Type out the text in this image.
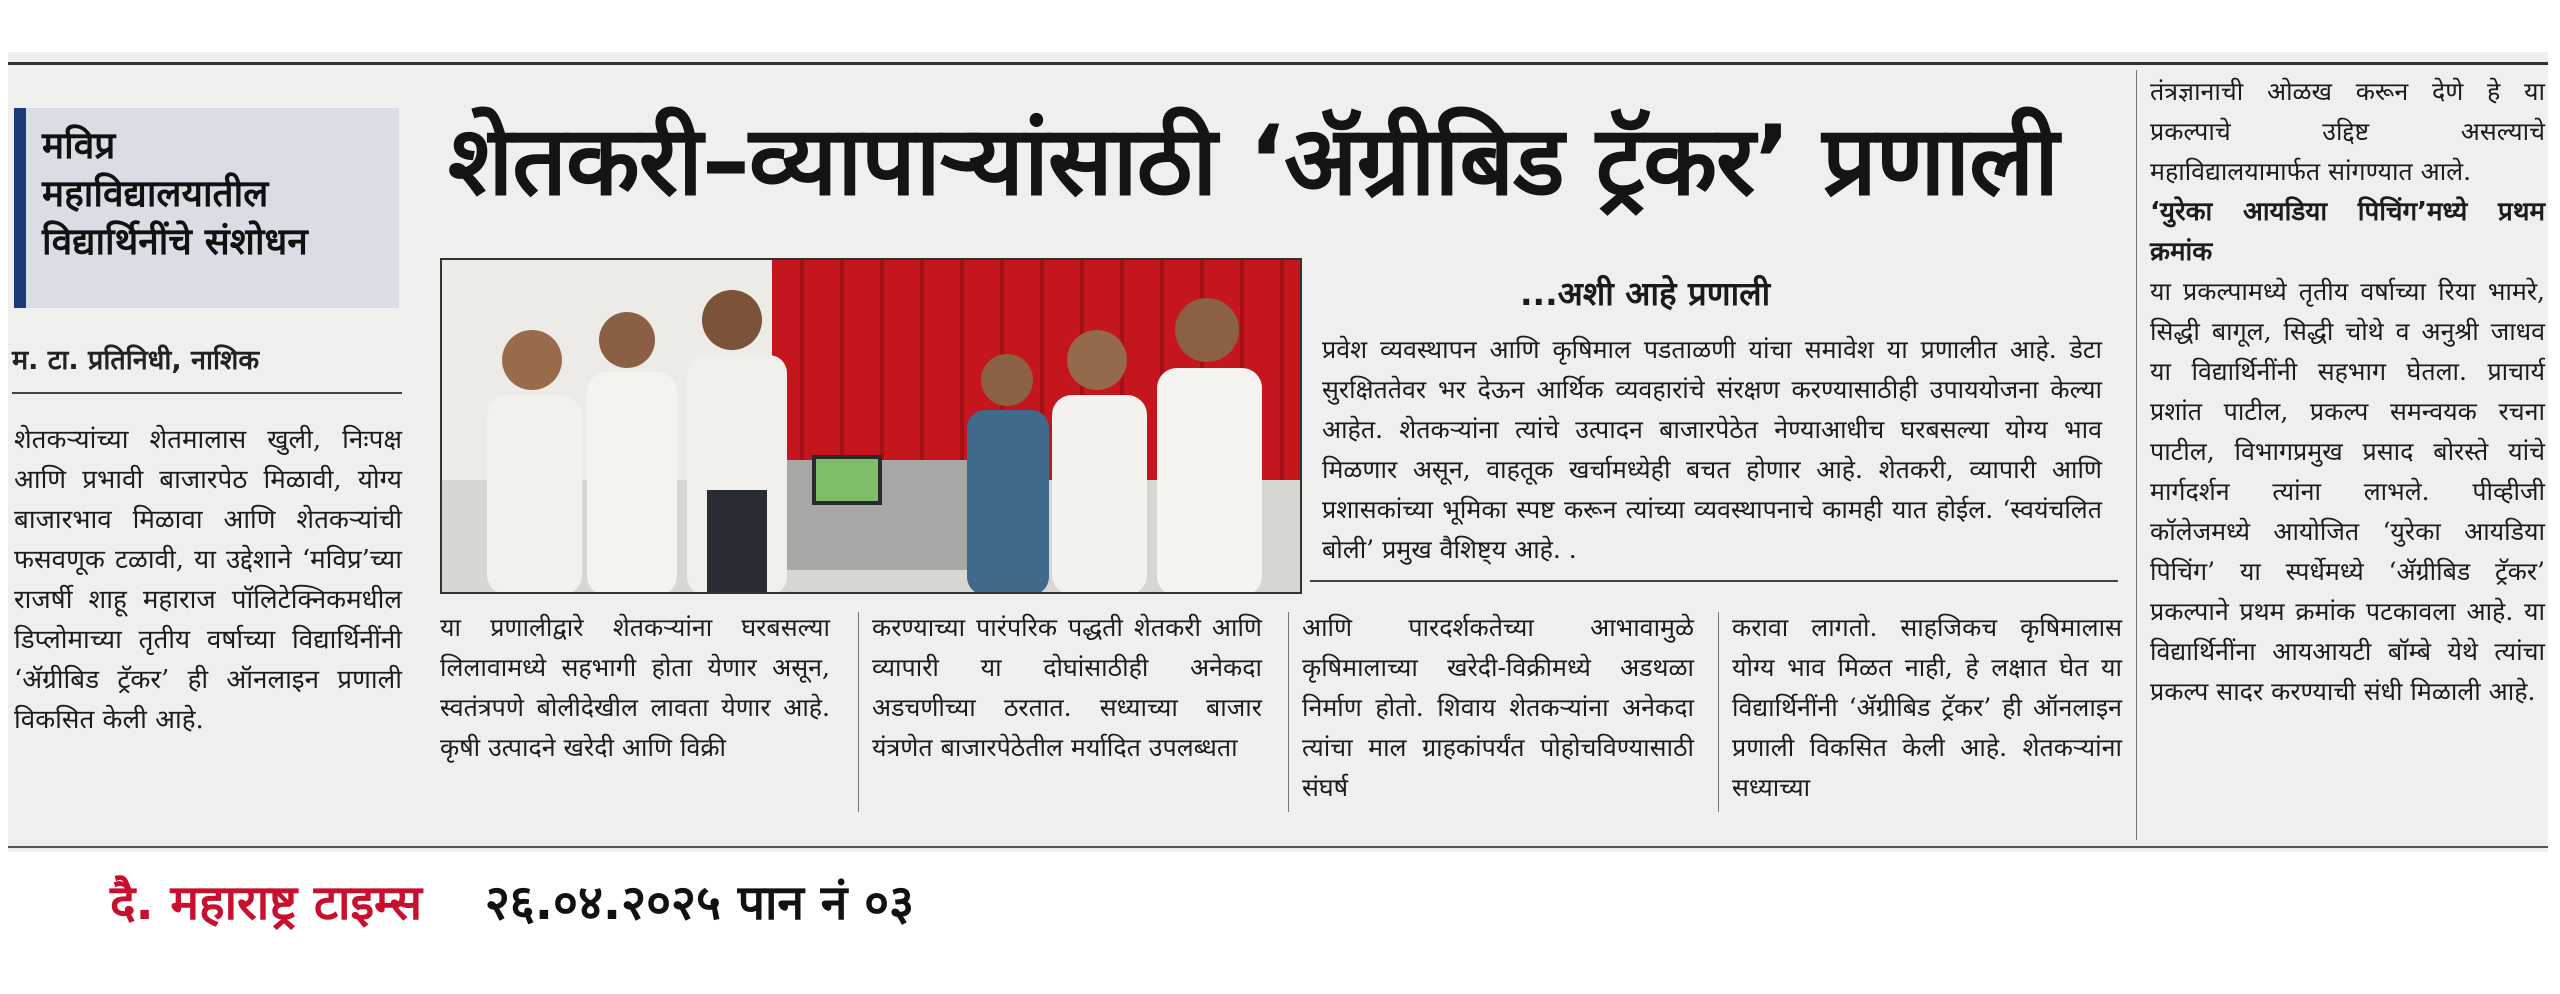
मविप्र
महाविद्यालयातील
विद्यार्थिनींचे संशोधन
म. टा. प्रतिनिधी, नाशिक

शेतकऱ्यांच्या शेतमालास खुली, निःपक्ष आणि प्रभावी बाजारपेठ मिळावी, योग्य बाजारभाव मिळावा आणि शेतकऱ्यांची फसवणूक टळावी, या उद्देशाने ‘मविप्र’च्या राजर्षी शाहू महाराज पॉलिटेक्निकमधील डिप्लोमाच्या तृतीय वर्षाच्या विद्यार्थिनींनी ‘ॲग्रीबिड ट्रॅकर’ ही ऑनलाइन प्रणाली विकसित केली आहे.

शेतकरी–व्यापाऱ्यांसाठी ‘ॲग्रीबिड ट्रॅकर’ प्रणाली
...अशी आहे प्रणाली

प्रवेश व्यवस्थापन आणि कृषिमाल पडताळणी यांचा समावेश या प्रणालीत आहे. डेटा सुरक्षिततेवर भर देऊन आर्थिक व्यवहारांचे संरक्षण करण्यासाठीही उपाययोजना केल्या आहेत. शेतकऱ्यांना त्यांचे उत्पादन बाजारपेठेत नेण्याआधीच घरबसल्या योग्य भाव मिळणार असून, वाहतूक खर्चामध्येही बचत होणार आहे. शेतकरी, व्यापारी आणि प्रशासकांच्या भूमिका स्पष्ट करून त्यांच्या व्यवस्थापनाचे कामही यात होईल. ‘स्वयंचलित बोली’ प्रमुख वैशिष्ट्य आहे. .

या प्रणालीद्वारे शेतकऱ्यांना घरबसल्या लिलावामध्ये सहभागी होता येणार असून, स्वतंत्रपणे बोलीदेखील लावता येणार आहे. कृषी उत्पादने खरेदी आणि विक्री

करण्याच्या पारंपरिक पद्धती शेतकरी आणि व्यापारी या दोघांसाठीही अनेकदा अडचणीच्या ठरतात. सध्याच्या बाजार यंत्रणेत बाजारपेठेतील मर्यादित उपलब्धता

आणि पारदर्शकतेच्या आभावामुळे कृषिमालाच्या खरेदी-विक्रीमध्ये अडथळा निर्माण होतो. शिवाय शेतकऱ्यांना अनेकदा त्यांचा माल ग्राहकांपर्यंत पोहोचविण्यासाठी संघर्ष

करावा लागतो. साहजिकच कृषिमालास योग्य भाव मिळत नाही, हे लक्षात घेत या विद्यार्थिनींनी ‘ॲग्रीबिड ट्रॅकर’ ही ऑनलाइन प्रणाली विकसित केली आहे. शेतकऱ्यांना सध्याच्या

तंत्रज्ञानाची ओळख करून देणे हे या प्रकल्पाचे उद्दिष्ट असल्याचे महाविद्यालयामार्फत सांगण्यात आले.

‘युरेका आयडिया पिचिंग’मध्ये प्रथम क्रमांक

या प्रकल्पामध्ये तृतीय वर्षाच्या रिया भामरे, सिद्धी बागूल, सिद्धी चोथे व अनुश्री जाधव या विद्यार्थिनींनी सहभाग घेतला. प्राचार्य प्रशांत पाटील, प्रकल्प समन्वयक रचना पाटील, विभागप्रमुख प्रसाद बोरस्ते यांचे मार्गदर्शन त्यांना लाभले. पीव्हीजी कॉलेजमध्ये आयोजित ‘युरेका आयडिया पिचिंग’ या स्पर्धेमध्ये ‘ॲग्रीबिड ट्रॅकर’ प्रकल्पाने प्रथम क्रमांक पटकावला आहे. या विद्यार्थिनींना आयआयटी बॉम्बे येथे त्यांचा प्रकल्प सादर करण्याची संधी मिळाली आहे.

दै. महाराष्ट्र टाइम्स २६.०४.२०२५ पान नं ०३
